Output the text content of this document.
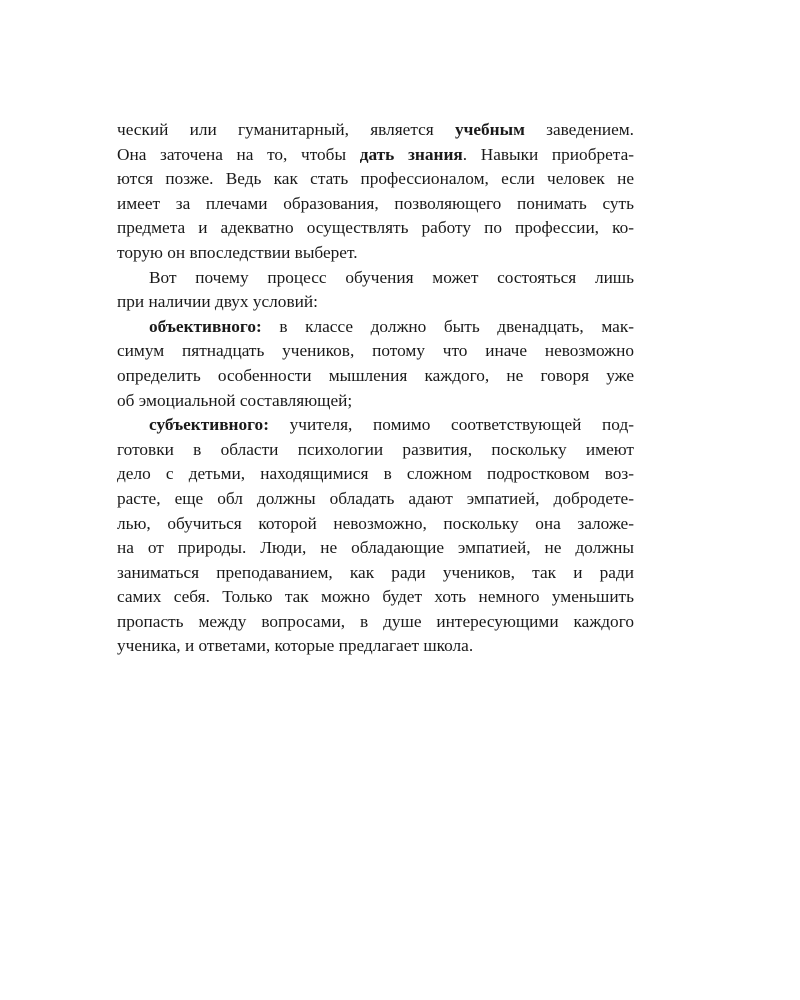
ческий или гуманитарный, является учебным заведением.
Она заточена на то, чтобы дать знания. Навыки приобрета-
ются позже. Ведь как стать профессионалом, если человек не
имеет за плечами образования, позволяющего понимать суть
предмета и адекватно осуществлять работу по профессии, ко-
торую он впоследствии выберет.
Вот почему процесс обучения может состояться лишь
при наличии двух условий:
объективного: в классе должно быть двенадцать, мак-
симум пятнадцать учеников, потому что иначе невозможно
определить особенности мышления каждого, не говоря уже
об эмоциальной составляющей;
субъективного: учителя, помимо соответствующей под-
готовки в области психологии развития, поскольку имеют
дело с детьми, находящимися в сложном подростковом воз-
расте, еще обл должны обладать адают эмпатией, добродете-
лью, обучиться которой невозможно, поскольку она заложе-
на от природы. Люди, не обладающие эмпатией, не должны
заниматься преподаванием, как ради учеников, так и ради
самих себя. Только так можно будет хоть немного уменьшить
пропасть между вопросами, в душе интересующими каждого
ученика, и ответами, которые предлагает школа.
